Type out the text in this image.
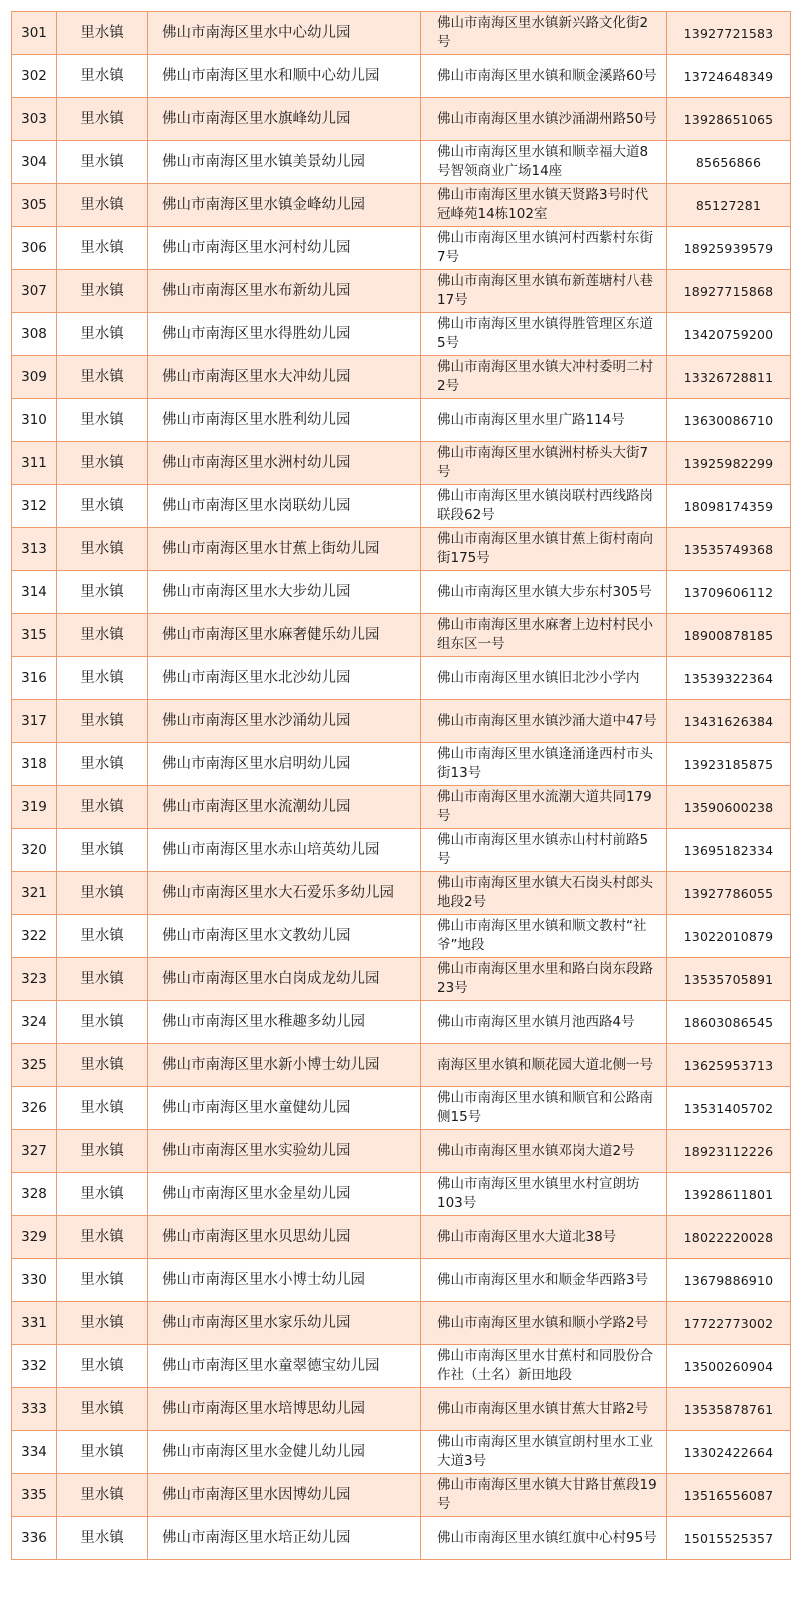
301	里水镇	佛山市南海区里水中心幼儿园	佛山市南海区里水镇新兴路文化街2号	13927721583
302	里水镇	佛山市南海区里水和顺中心幼儿园	佛山市南海区里水镇和顺金溪路60号	13724648349
303	里水镇	佛山市南海区里水旗峰幼儿园	佛山市南海区里水镇沙涌湖州路50号	13928651065
304	里水镇	佛山市南海区里水镇美景幼儿园	佛山市南海区里水镇和顺幸福大道8号智领商业广场14座	85656866
305	里水镇	佛山市南海区里水镇金峰幼儿园	佛山市南海区里水镇天贤路3号时代冠峰苑14栋102室	85127281
306	里水镇	佛山市南海区里水河村幼儿园	佛山市南海区里水镇河村西紫村东街7号	18925939579
307	里水镇	佛山市南海区里水布新幼儿园	佛山市南海区里水镇布新莲塘村八巷17号	18927715868
308	里水镇	佛山市南海区里水得胜幼儿园	佛山市南海区里水镇得胜管理区东道5号	13420759200
309	里水镇	佛山市南海区里水大冲幼儿园	佛山市南海区里水镇大冲村委明二村2号	13326728811
310	里水镇	佛山市南海区里水胜利幼儿园	佛山市南海区里水里广路114号	13630086710
311	里水镇	佛山市南海区里水洲村幼儿园	佛山市南海区里水镇洲村桥头大街7号	13925982299
312	里水镇	佛山市南海区里水岗联幼儿园	佛山市南海区里水镇岗联村西线路岗联段62号	18098174359
313	里水镇	佛山市南海区里水甘蕉上街幼儿园	佛山市南海区里水镇甘蕉上街村南向街175号	13535749368
314	里水镇	佛山市南海区里水大步幼儿园	佛山市南海区里水镇大步东村305号	13709606112
315	里水镇	佛山市南海区里水麻奢健乐幼儿园	佛山市南海区里水麻奢上边村村民小组东区一号	18900878185
316	里水镇	佛山市南海区里水北沙幼儿园	佛山市南海区里水镇旧北沙小学内	13539322364
317	里水镇	佛山市南海区里水沙涌幼儿园	佛山市南海区里水镇沙涌大道中47号	13431626384
318	里水镇	佛山市南海区里水启明幼儿园	佛山市南海区里水镇逢涌逢西村市头街13号	13923185875
319	里水镇	佛山市南海区里水流潮幼儿园	佛山市南海区里水流潮大道共同179号	13590600238
320	里水镇	佛山市南海区里水赤山培英幼儿园	佛山市南海区里水镇赤山村村前路5号	13695182334
321	里水镇	佛山市南海区里水大石爱乐多幼儿园	佛山市南海区里水镇大石岗头村郎头地段2号	13927786055
322	里水镇	佛山市南海区里水文教幼儿园	佛山市南海区里水镇和顺文教村“社爷”地段	13022010879
323	里水镇	佛山市南海区里水白岗成龙幼儿园	佛山市南海区里水里和路白岗东段路23号	13535705891
324	里水镇	佛山市南海区里水稚趣多幼儿园	佛山市南海区里水镇月池西路4号	18603086545
325	里水镇	佛山市南海区里水新小博士幼儿园	南海区里水镇和顺花园大道北侧一号	13625953713
326	里水镇	佛山市南海区里水童健幼儿园	佛山市南海区里水镇和顺官和公路南侧15号	13531405702
327	里水镇	佛山市南海区里水实验幼儿园	佛山市南海区里水镇邓岗大道2号	18923112226
328	里水镇	佛山市南海区里水金星幼儿园	佛山市南海区里水镇里水村宣朗坊103号	13928611801
329	里水镇	佛山市南海区里水贝思幼儿园	佛山市南海区里水大道北38号	18022220028
330	里水镇	佛山市南海区里水小博士幼儿园	佛山市南海区里水和顺金华西路3号	13679886910
331	里水镇	佛山市南海区里水家乐幼儿园	佛山市南海区里水镇和顺小学路2号	17722773002
332	里水镇	佛山市南海区里水童翠德宝幼儿园	佛山市南海区里水甘蕉村和同股份合作社（土名）新田地段	13500260904
333	里水镇	佛山市南海区里水培博思幼儿园	佛山市南海区里水镇甘蕉大甘路2号	13535878761
334	里水镇	佛山市南海区里水金健儿幼儿园	佛山市南海区里水镇宣朗村里水工业大道3号	13302422664
335	里水镇	佛山市南海区里水因博幼儿园	佛山市南海区里水镇大甘路甘蕉段19号	13516556087
336	里水镇	佛山市南海区里水培正幼儿园	佛山市南海区里水镇红旗中心村95号	15015525357
